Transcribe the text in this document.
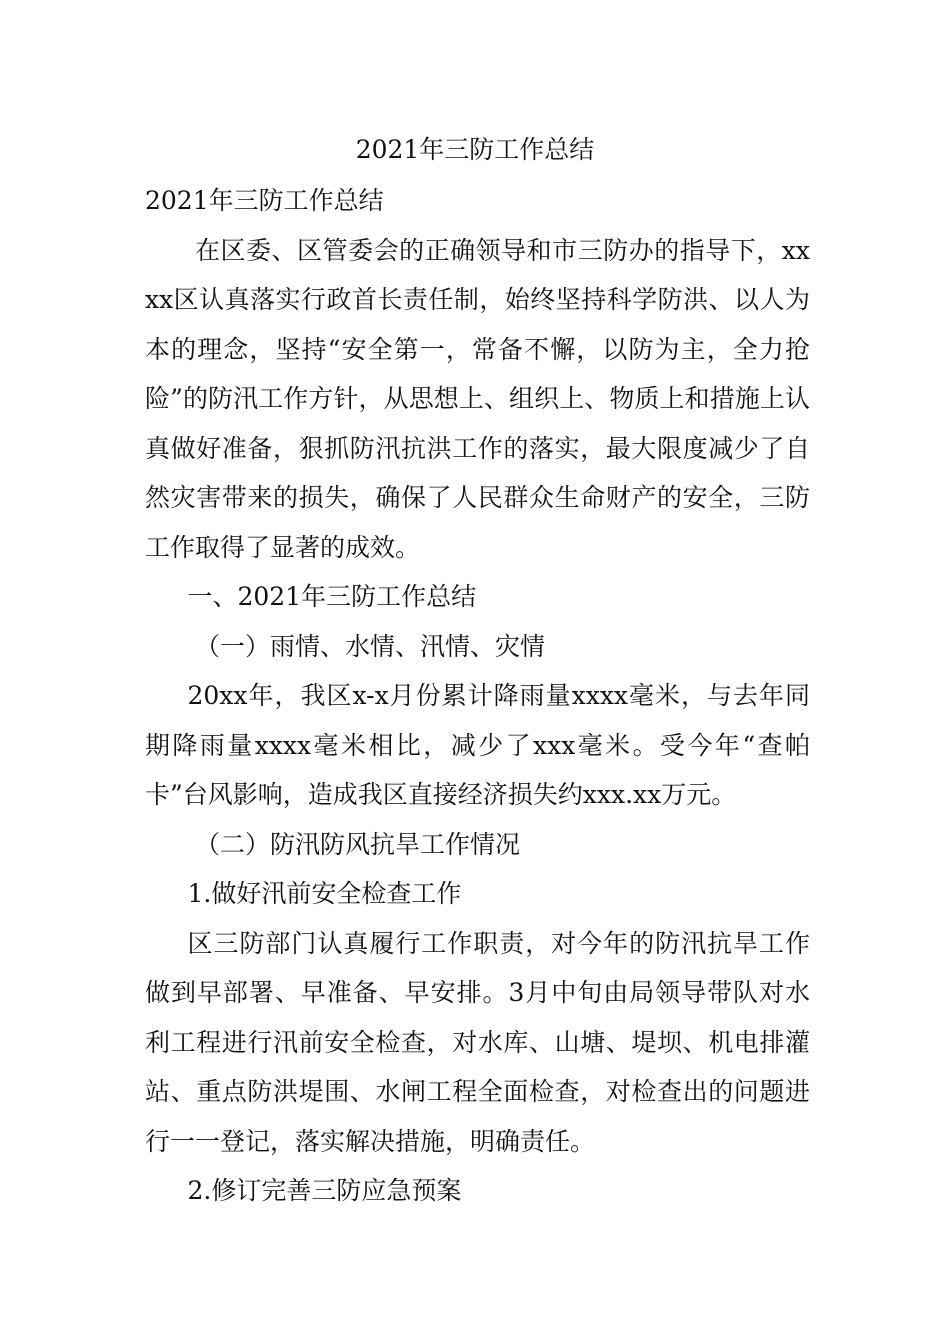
2021年三防工作总结

2021年三防工作总结

在区委、区管委会的正确领导和市三防办的指导下，xxxx区认真落实行政首长责任制，始终坚持科学防洪、以人为本的理念，坚持“安全第一，常备不懈，以防为主，全力抢险”的防汛工作方针，从思想上、组织上、物质上和措施上认真做好准备，狠抓防汛抗洪工作的落实，最大限度减少了自然灾害带来的损失，确保了人民群众生命财产的安全，三防工作取得了显著的成效。

一、2021年三防工作总结

（一）雨情、水情、汛情、灾情

20xx年，我区x-x月份累计降雨量xxxx毫米，与去年同期降雨量xxxx毫米相比，减少了xxx毫米。受今年“查帕卡”台风影响，造成我区直接经济损失约xxx.xx万元。

（二）防汛防风抗旱工作情况

1.做好汛前安全检查工作

区三防部门认真履行工作职责，对今年的防汛抗旱工作做到早部署、早准备、早安排。3月中旬由局领导带队对水利工程进行汛前安全检查，对水库、山塘、堤坝、机电排灌站、重点防洪堤围、水闸工程全面检查，对检查出的问题进行一一登记，落实解决措施，明确责任。

2.修订完善三防应急预案
